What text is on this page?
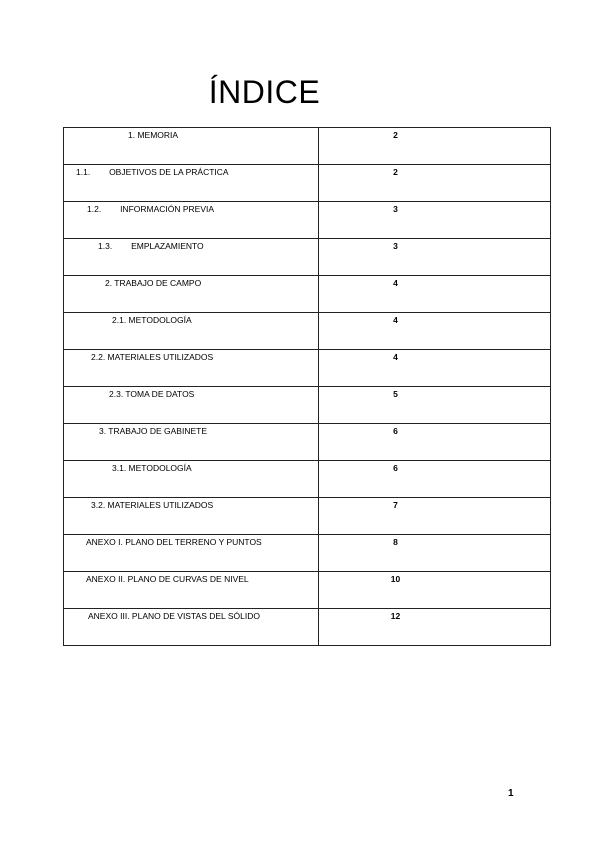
ÍNDICE
1. MEMORIA	2

1.1.        OBJETIVOS DE LA PRÁCTICA	2

1.2.        INFORMACIÓN PREVIA	3

1.3.        EMPLAZAMIENTO	3

2. TRABAJO DE CAMPO	4

2.1. METODOLOGÍA	4

2.2. MATERIALES UTILIZADOS	4

2.3. TOMA DE DATOS	5

3. TRABAJO DE GABINETE	6

3.1. METODOLOGÍA	6

3.2. MATERIALES UTILIZADOS	7

ANEXO I. PLANO DEL TERRENO Y PUNTOS	8

ANEXO II. PLANO DE CURVAS DE NIVEL	10

ANEXO III. PLANO DE VISTAS DEL SÓLIDO	12
1
